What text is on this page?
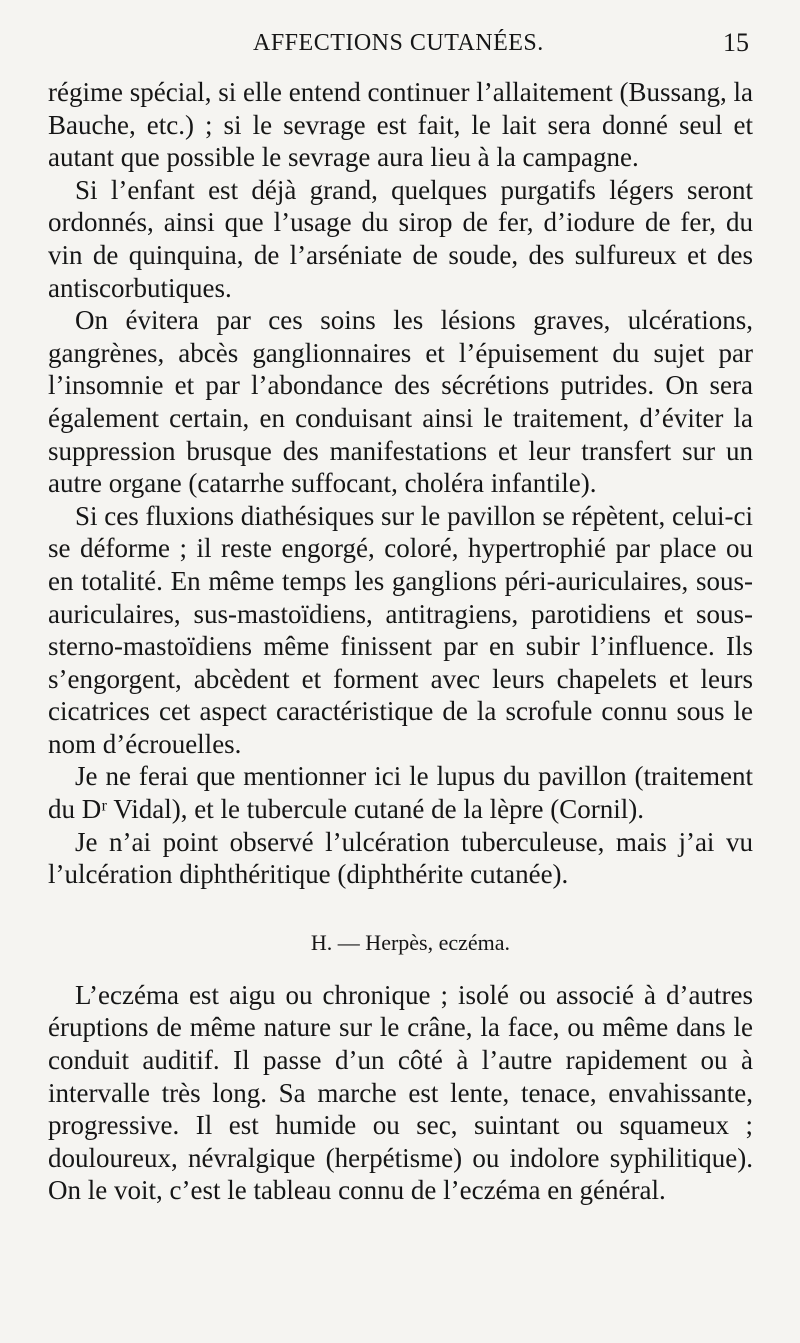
AFFECTIONS CUTANÉES.	15

régime spécial, si elle entend continuer l’allaitement (Bussang, la Bauche, etc.) ; si le sevrage est fait, le lait sera donné seul et autant que possible le sevrage aura lieu à la campagne.

Si l’enfant est déjà grand, quelques purgatifs légers seront ordonnés, ainsi que l’usage du sirop de fer, d’iodure de fer, du vin de quinquina, de l’arséniate de soude, des sulfureux et des antiscorbutiques.

On évitera par ces soins les lésions graves, ulcérations, gangrènes, abcès ganglionnaires et l’épuisement du sujet par l’insomnie et par l’abondance des sécrétions putrides. On sera également certain, en conduisant ainsi le traitement, d’éviter la suppression brusque des manifestations et leur transfert sur un autre organe (catarrhe suffocant, choléra infantile).

Si ces fluxions diathésiques sur le pavillon se répètent, celui-ci se déforme ; il reste engorgé, coloré, hypertrophié par place ou en totalité. En même temps les ganglions péri-auriculaires, sous-auriculaires, sus-mastoïdiens, antitragiens, parotidiens et sous-sterno-mastoïdiens même finissent par en subir l’influence. Ils s’engorgent, abcèdent et forment avec leurs chapelets et leurs cicatrices cet aspect caractéristique de la scrofule connu sous le nom d’écrouelles.

Je ne ferai que mentionner ici le lupus du pavillon (traitement du Dʳ Vidal), et le tubercule cutané de la lèpre (Cornil).

Je n’ai point observé l’ulcération tuberculeuse, mais j’ai vu l’ulcération diphthéritique (diphthérite cutanée).

H. — Herpès, eczéma.

L’eczéma est aigu ou chronique ; isolé ou associé à d’autres éruptions de même nature sur le crâne, la face, ou même dans le conduit auditif. Il passe d’un côté à l’autre rapidement ou à intervalle très long. Sa marche est lente, tenace, envahissante, progressive. Il est humide ou sec, suintant ou squameux ; douloureux, névralgique (herpétisme) ou indolore syphilitique). On le voit, c’est le tableau connu de l’eczéma en général.
